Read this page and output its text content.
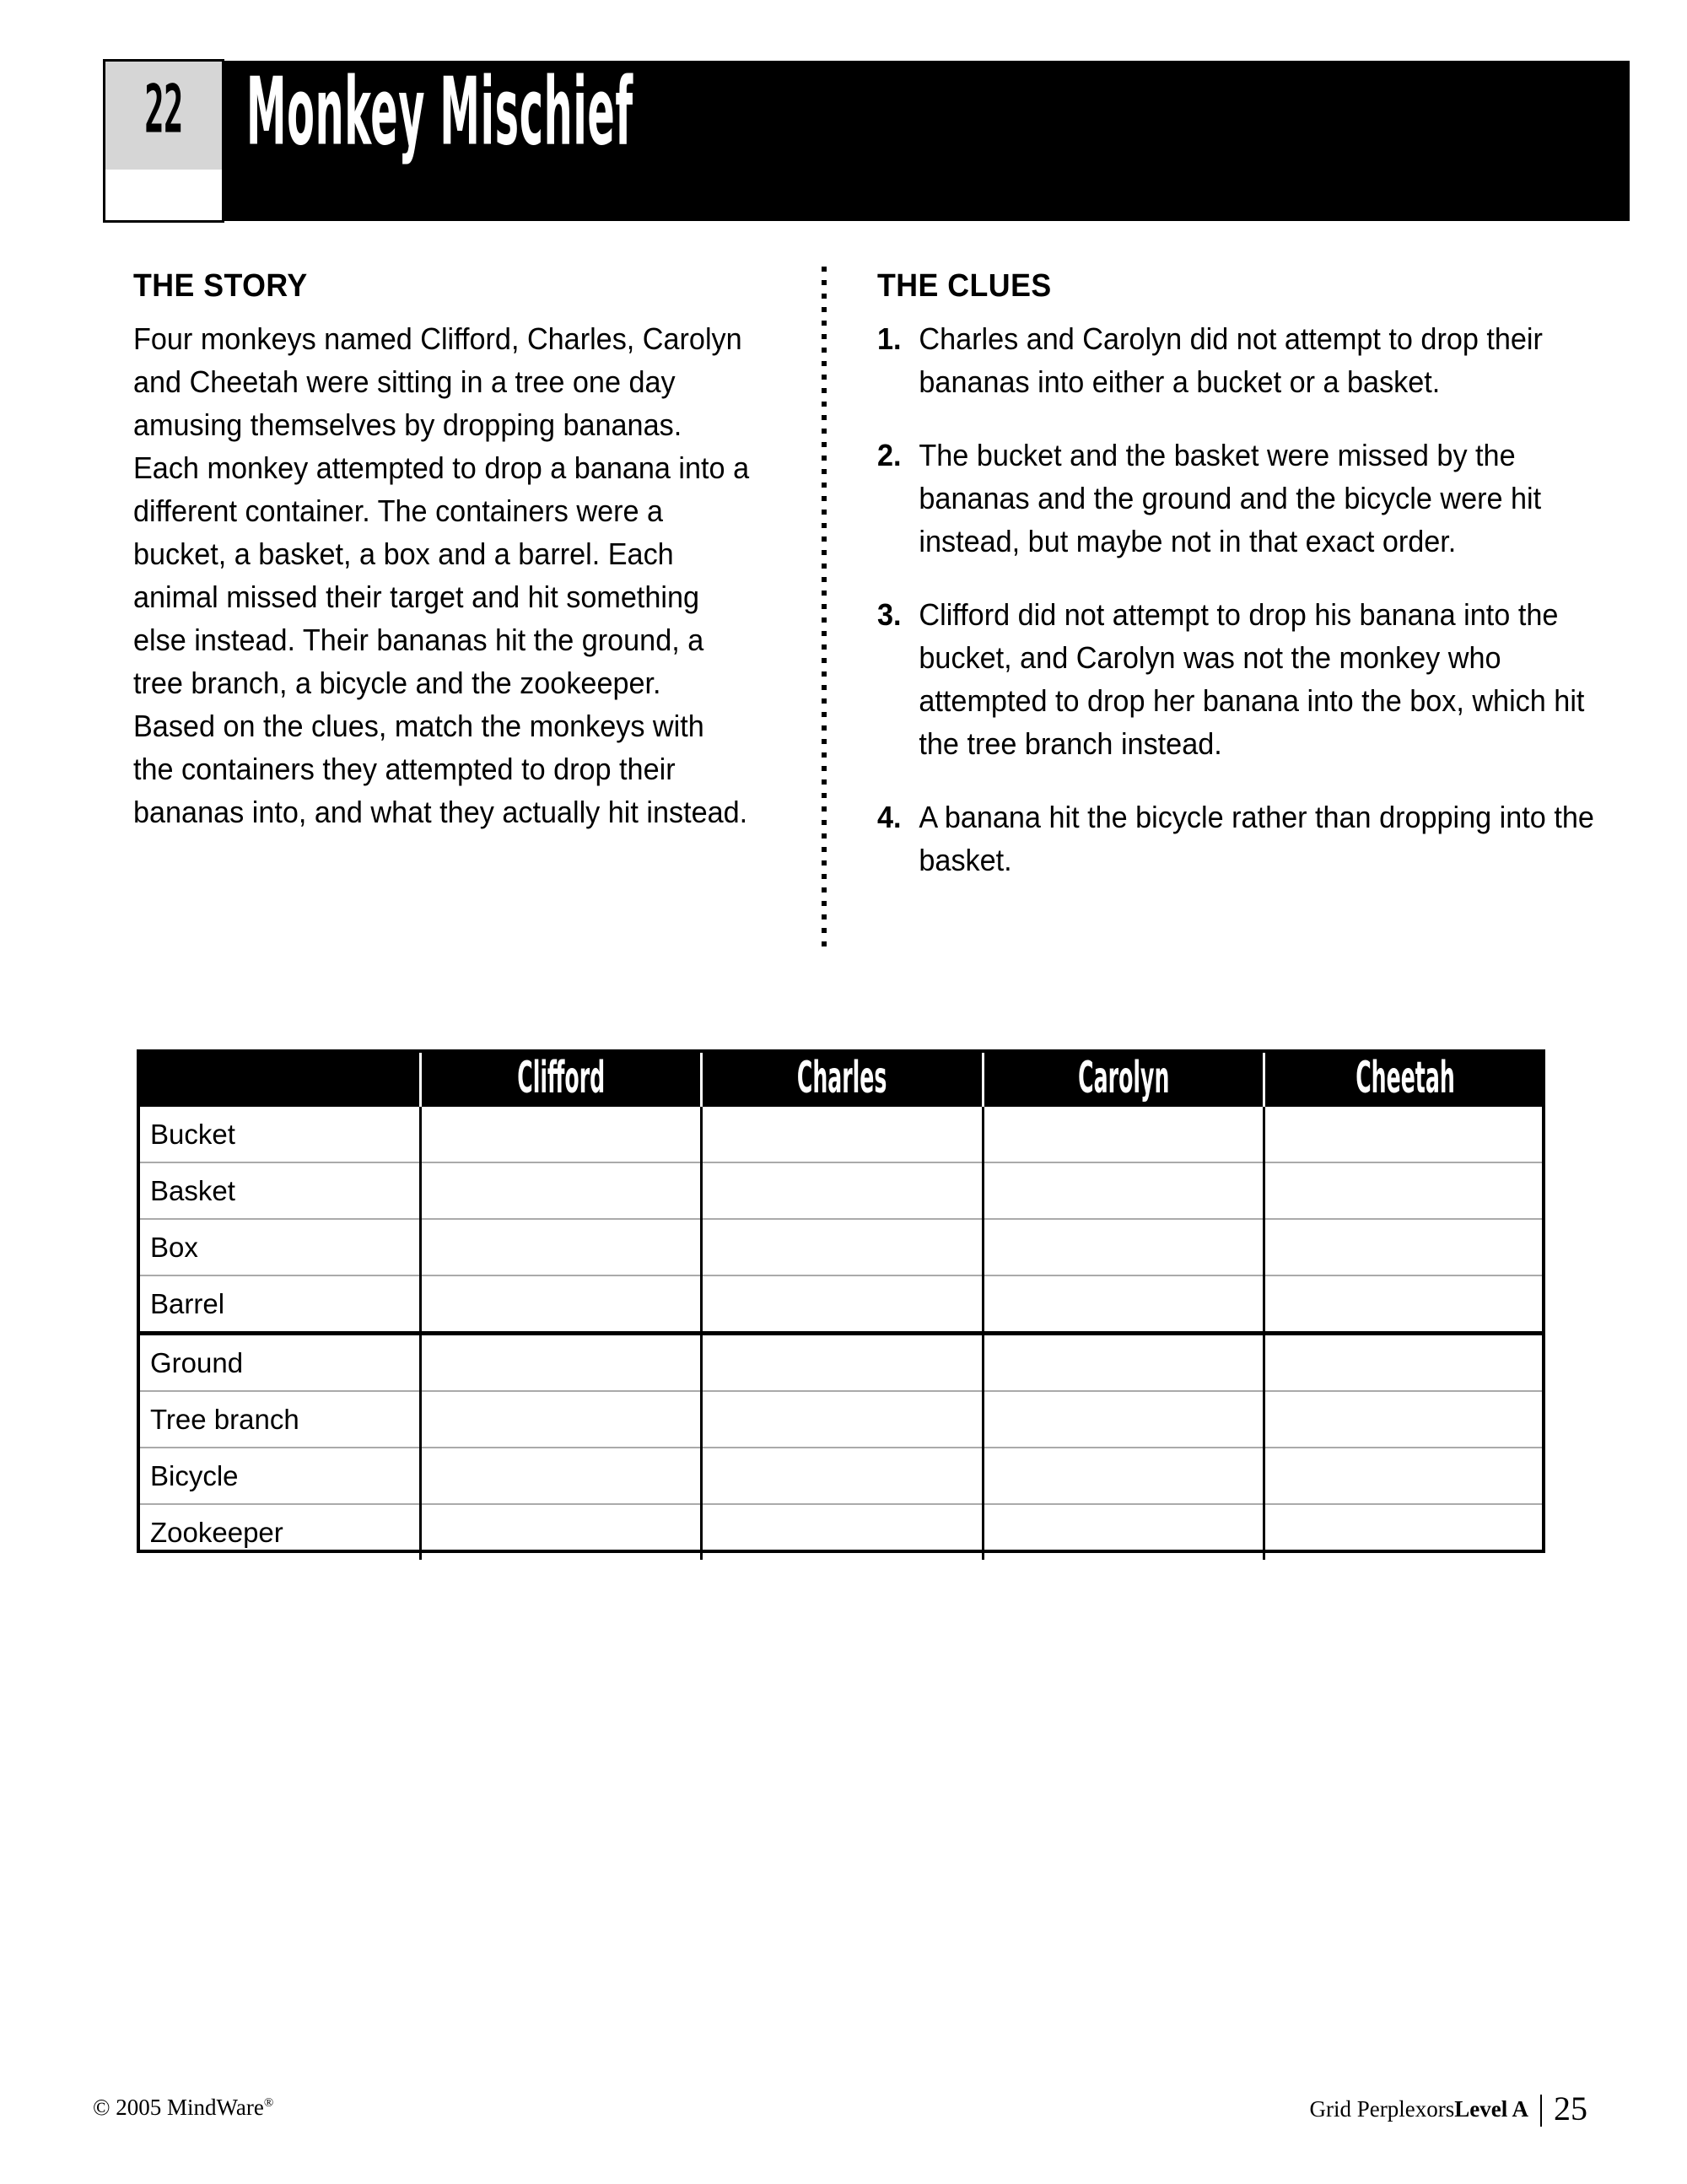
22 Monkey Mischief
THE STORY
Four monkeys named Clifford, Charles, Carolyn and Cheetah were sitting in a tree one day amusing themselves by dropping bananas. Each monkey attempted to drop a banana into a different container. The containers were a bucket, a basket, a box and a barrel. Each animal missed their target and hit something else instead. Their bananas hit the ground, a tree branch, a bicycle and the zookeeper. Based on the clues, match the monkeys with the containers they attempted to drop their bananas into, and what they actually hit instead.
THE CLUES
1. Charles and Carolyn did not attempt to drop their bananas into either a bucket or a basket.
2. The bucket and the basket were missed by the bananas and the ground and the bicycle were hit instead, but maybe not in that exact order.
3. Clifford did not attempt to drop his banana into the bucket, and Carolyn was not the monkey who attempted to drop her banana into the box, which hit the tree branch instead.
4. A banana hit the bicycle rather than dropping into the basket.
	Clifford	Charles	Carolyn	Cheetah
Bucket				
Basket				
Box				
Barrel				
Ground				
Tree branch				
Bicycle				
Zookeeper				
© 2005 MindWare®	Grid Perplexors Level A 25
